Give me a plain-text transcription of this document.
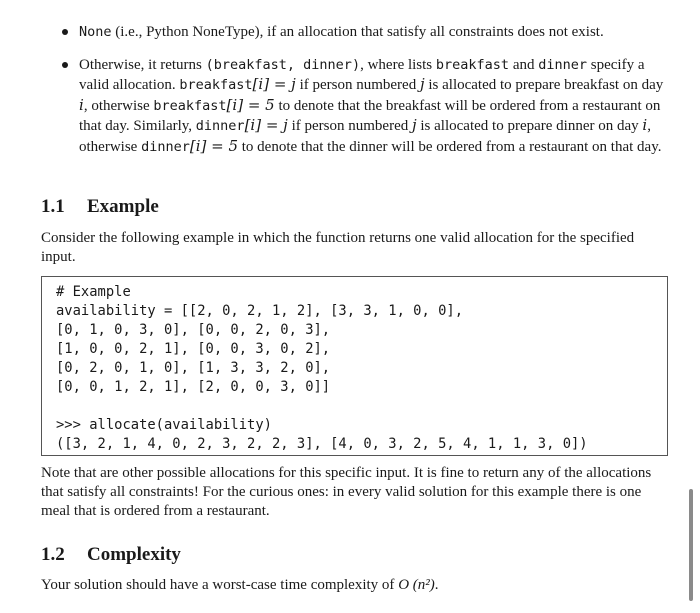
None (i.e., Python NoneType), if an allocation that satisfy all constraints does not exist.
Otherwise, it returns (breakfast, dinner), where lists breakfast and dinner specify a valid allocation. breakfast[i] = j if person numbered j is allocated to prepare breakfast on day i, otherwise breakfast[i] = 5 to denote that the breakfast will be ordered from a restaurant on that day. Similarly, dinner[i] = j if person numbered j is allocated to prepare dinner on day i, otherwise dinner[i] = 5 to denote that the dinner will be ordered from a restaurant on that day.
1.1 Example
Consider the following example in which the function returns one valid allocation for the specified input.
# Example
availability = [[2, 0, 2, 1, 2], [3, 3, 1, 0, 0],
[0, 1, 0, 3, 0], [0, 0, 2, 0, 3],
[1, 0, 0, 2, 1], [0, 0, 3, 0, 2],
[0, 2, 0, 1, 0], [1, 3, 3, 2, 0],
[0, 0, 1, 2, 1], [2, 0, 0, 3, 0]]

>>> allocate(availability)
([3, 2, 1, 4, 0, 2, 3, 2, 2, 3], [4, 0, 3, 2, 5, 4, 1, 1, 3, 0])
Note that are other possible allocations for this specific input. It is fine to return any of the allocations that satisfy all constraints! For the curious ones: in every valid solution for this example there is one meal that is ordered from a restaurant.
1.2 Complexity
Your solution should have a worst-case time complexity of O (n²).
